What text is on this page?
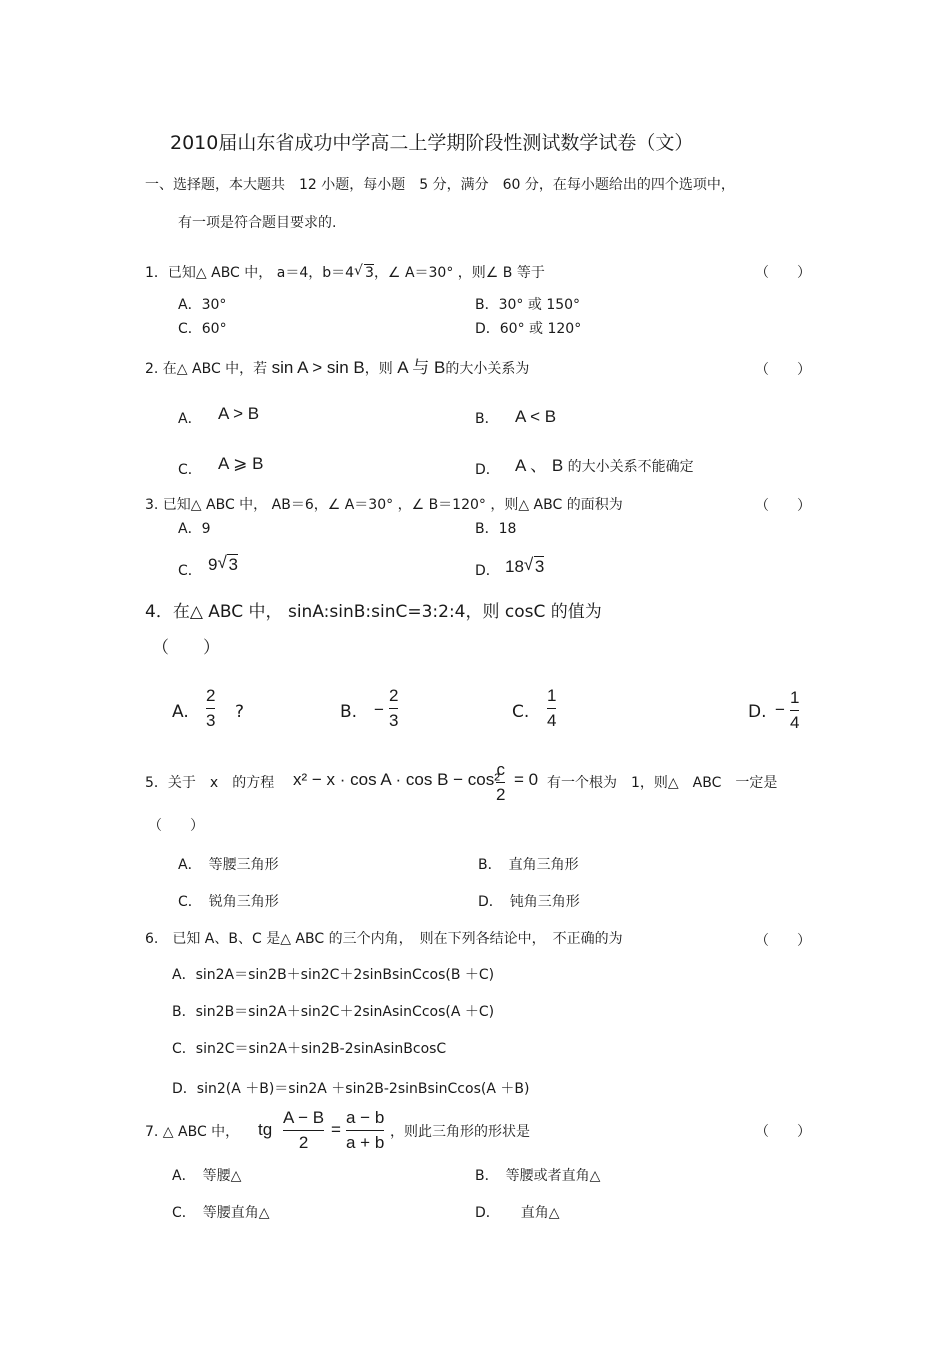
2010届山东省成功中学高二上学期阶段性测试数学试卷（文）
一、选择题，本大题共　12 小题，每小题　5 分，满分　60 分，在每小题给出的四个选项中，
有一项是符合题目要求的.
1．已知△ ABC 中， a＝4，b＝4 √ 3，∠ A＝30° ，则∠ B 等于	（　　）
A．30°	B．30° 或 150°
C．60°	D．60° 或 120°
2. 在△ ABC 中，若 sin A > sin B，则 A 与 B的大小关系为	（　　）
A． A > B	B． A < B
C． A ⩾ B	D． A 、 B 的大小关系不能确定
3. 已知△ ABC 中， AB＝6，∠ A＝30° ，∠ B＝120° ，则△ ABC 的面积为	（　　）
A．9	B．18
C． 9 √ 3	D． 18 √ 3
4．在△ ABC 中， sinA:sinB:sinC=3:2:4，则 cosC 的值为
（　　）
A.
2
3 ?	B. −
2
3	C.
1
4	D. −
1
4
5．关于　x　的方程 x² − x · cos A · cos B − cos²
c
2
= 0 有一个根为　1，则△　ABC　一定是
（　　）
A．　等腰三角形	B．　直角三角形
C．　锐角三角形	D．　钝角三角形
6.　已知 A、B、C 是△ ABC 的三个内角，　则在下列各结论中，　不正确的为	（　　）
A．sin2A＝sin2B＋sin2C＋2sinBsinCcos(B ＋C)
B．sin2B＝sin2A＋sin2C＋2sinAsinCcos(A ＋C)
C．sin2C＝sin2A＋sin2B-2sinAsinBcosC
D．sin2(A ＋B)＝sin2A ＋sin2B-2sinBsinCcos(A ＋B)
7. △ ABC 中， tg
A − B
2
=
a − b
a + b
，则此三角形的形状是	（　　）
A．　等腰△	B．　等腰或者直角△
C．　等腰直角△	D．　　直角△
